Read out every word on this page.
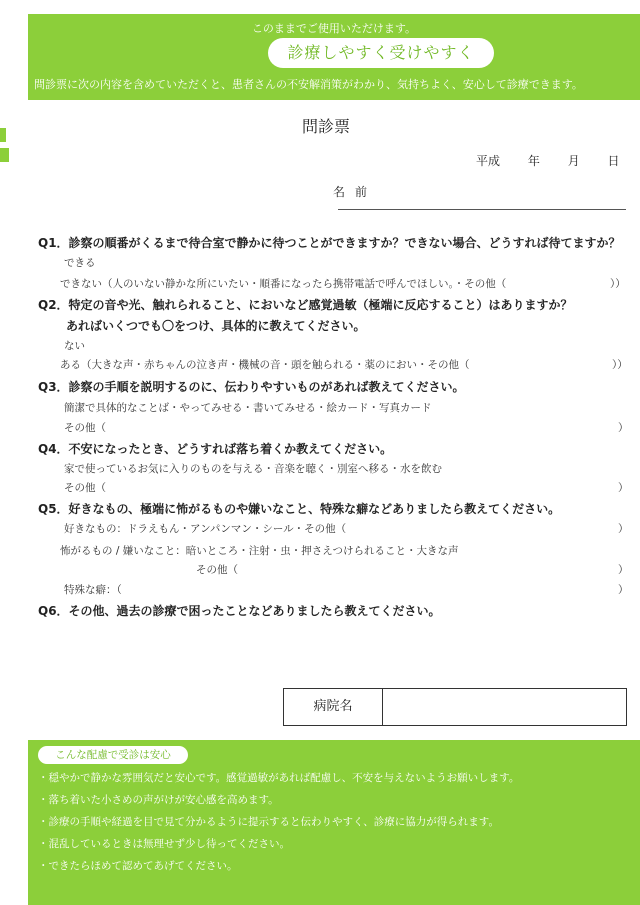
このままでご使用いただけます。
診療しやすく受けやすく
問診票に次の内容を含めていただくと、患者さんの不安解消策がわかり、気持ちよく、安心して診療できます。
問診票
平成 年 月 日
名前
Q1．診察の順番がくるまで待合室で静かに待つことができますか？できない場合、どうすれば待てますか？
できる
できない（人のいない静かな所にいたい・順番になったら携帯電話で呼んでほしい。・その他（	））
Q2．特定の音や光、触れられること、においなど感覚過敏（極端に反応すること）はありますか？
あればいくつでも〇をつけ、具体的に教えてください。
ない
ある（大きな声・赤ちゃんの泣き声・機械の音・頭を触られる・薬のにおい・その他（	））
Q3．診察の手順を説明するのに、伝わりやすいものがあれば教えてください。
簡潔で具体的なことば・やってみせる・書いてみせる・絵カード・写真カード
その他（	）
Q4．不安になったとき、どうすれば落ち着くか教えてください。
家で使っているお気に入りのものを与える・音楽を聴く・別室へ移る・水を飲む
その他（	）
Q5．好きなもの、極端に怖がるものや嫌いなこと、特殊な癖などありましたら教えてください。
好きなもの：ドラえもん・アンパンマン・シール・その他（	）
怖がるもの / 嫌いなこと：暗いところ・注射・虫・押さえつけられること・大きな声
その他（	）
特殊な癖：（	）
Q6．その他、過去の診療で困ったことなどありましたら教えてください。
病院名
こんな配慮で受診は安心
・穏やかで静かな雰囲気だと安心です。感覚過敏があれば配慮し、不安を与えないようお願いします。
・落ち着いた小さめの声がけが安心感を高めます。
・診療の手順や経過を目で見て分かるように提示すると伝わりやすく、診療に協力が得られます。
・混乱しているときは無理せず少し待ってください。
・できたらほめて認めてあげてください。
